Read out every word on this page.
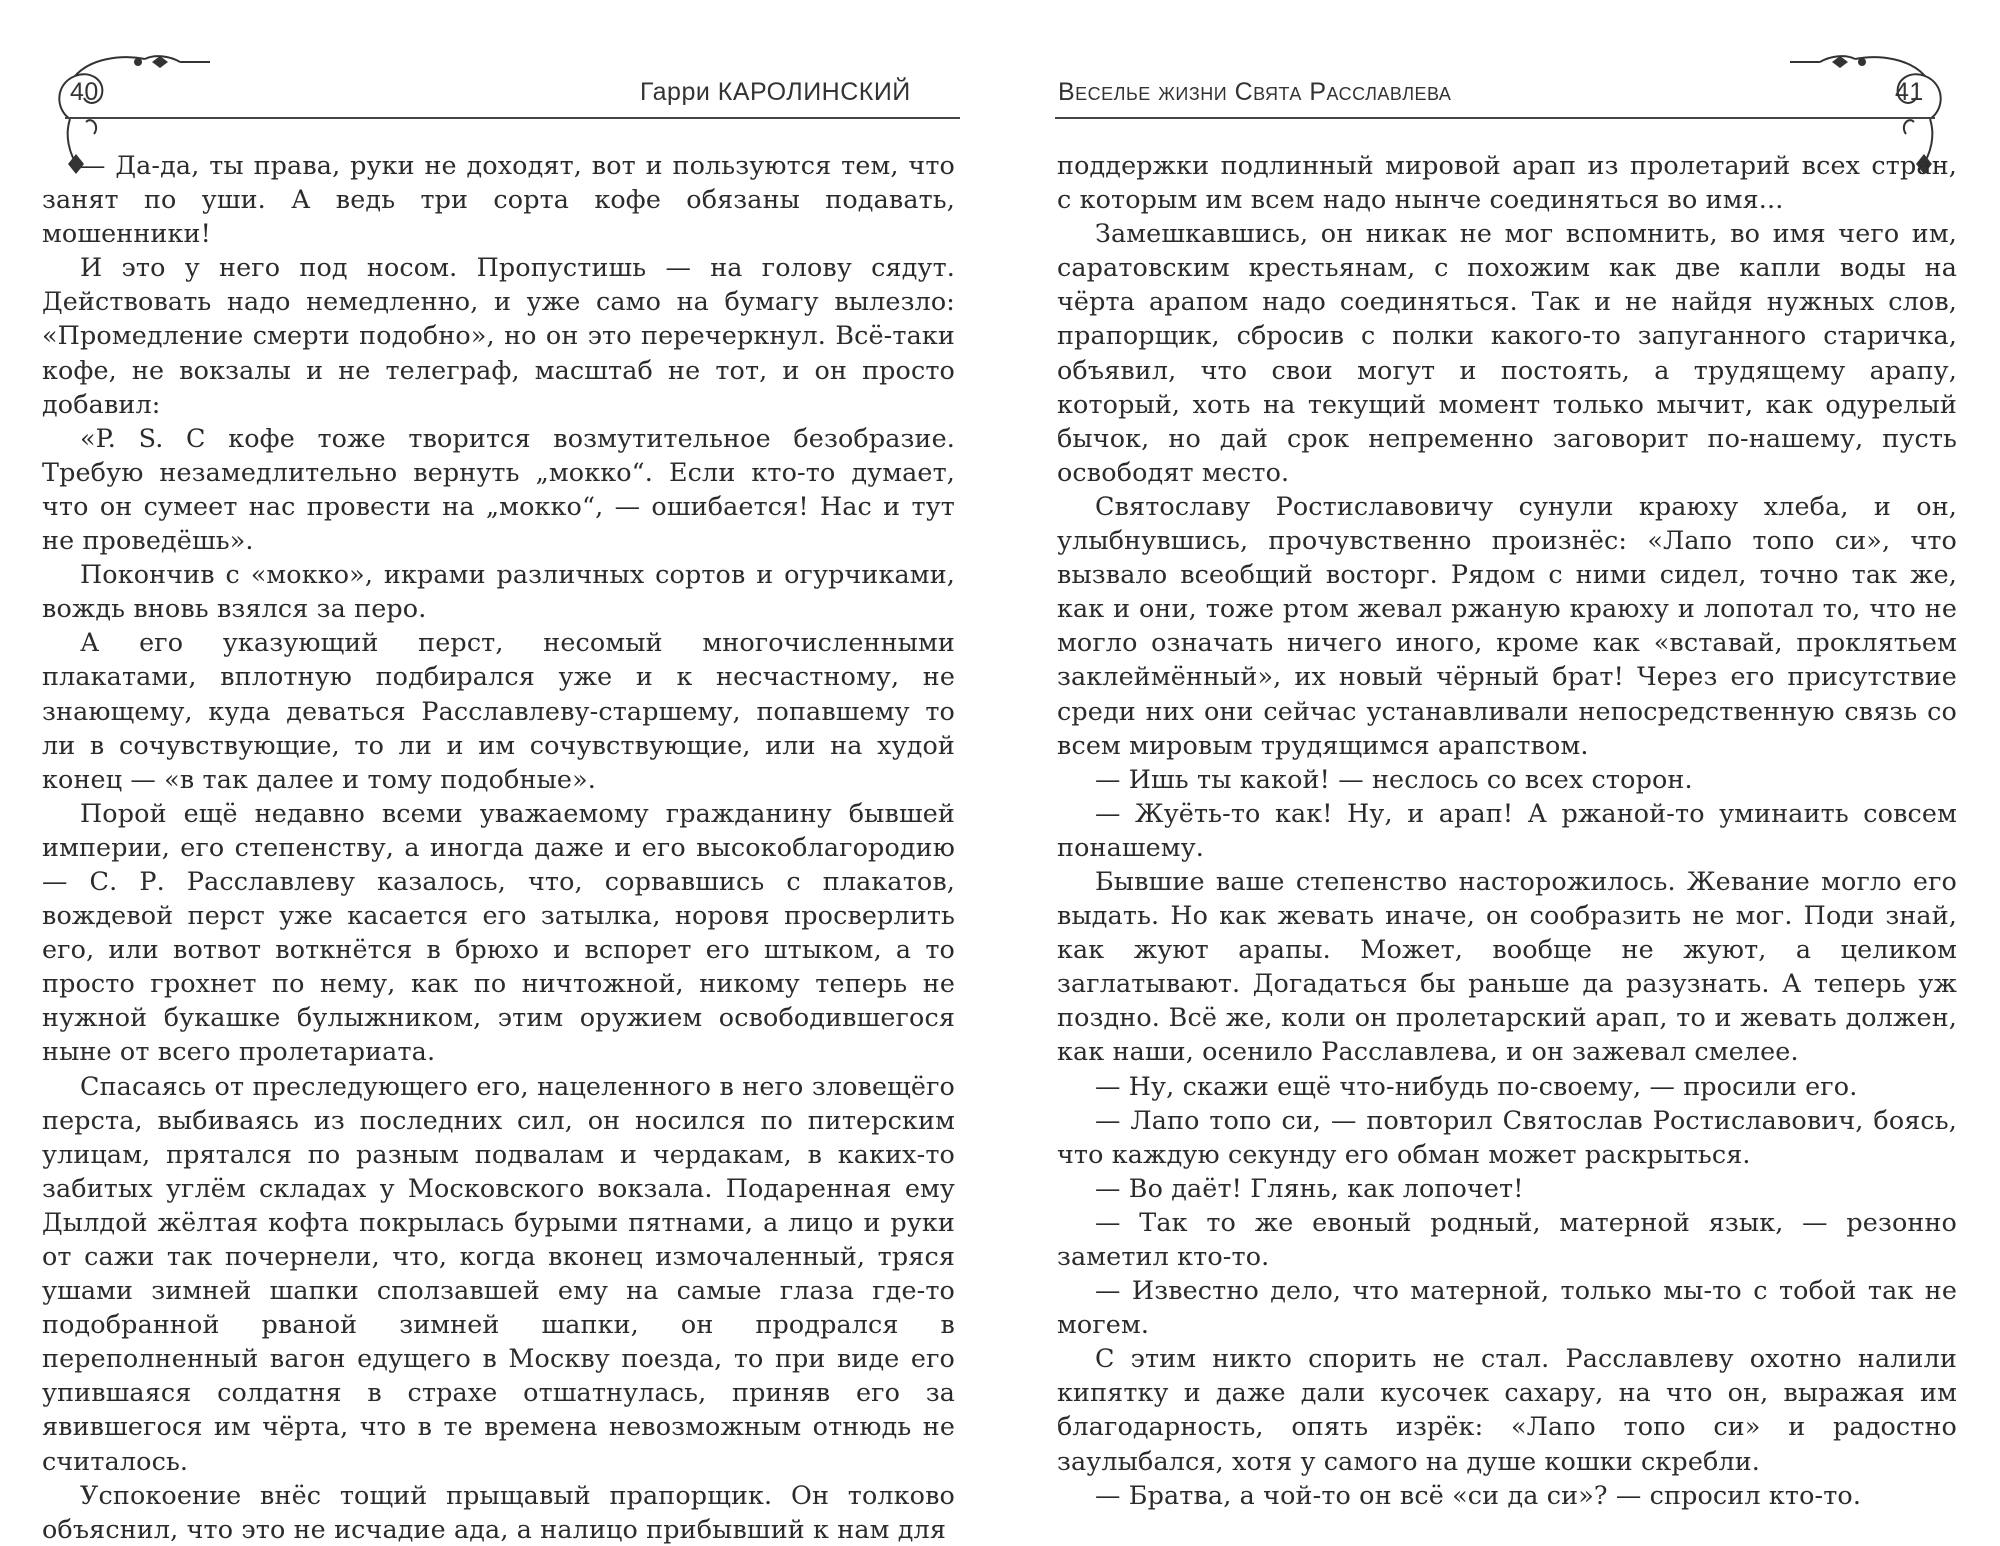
40	Гарри КАРОЛИНСКИЙ

— Да-да, ты права, руки не доходят, вот и пользуются тем, что занят по уши. А ведь три сорта кофе обязаны подавать, мошенники!

И это у него под носом. Пропустишь — на голову сядут. Действовать надо немедленно, и уже само на бумагу вылезло: «Промедление смерти подобно», но он это перечеркнул. Всё-таки кофе, не вокзалы и не телеграф, масштаб не тот, и он просто добавил:

«P. S. С кофе тоже творится возмутительное безобразие. Требую незамедлительно вернуть „мокко“. Если кто-то думает, что он сумеет нас провести на „мокко“, — ошибается! Нас и тут не проведёшь».

Покончив с «мокко», икрами различных сортов и огурчиками, вождь вновь взялся за перо.

А его указующий перст, несомый многочисленными плакатами, вплотную подбирался уже и к несчастному, не знающему, куда деваться Расславлеву-старшему, попавшему то ли в сочувствующие, то ли и им сочувствующие, или на худой конец — «в так далее и тому подобные».

Порой ещё недавно всеми уважаемому гражданину бывшей империи, его степенству, а иногда даже и его высокоблагородию — С. Р. Расславлеву казалось, что, сорвавшись с плакатов, вождевой перст уже касается его затылка, норовя просверлить его, или вотвот воткнётся в брюхо и вспорет его штыком, а то просто грохнет по нему, как по ничтожной, никому теперь не нужной букашке булыжником, этим оружием освободившегося ныне от всего пролетариата.

Спасаясь от преследующего его, нацеленного в него зловещёго перста, выбиваясь из последних сил, он носился по питерским улицам, прятался по разным подвалам и чердакам, в каких-то забитых углём складах у Московского вокзала. Подаренная ему Дылдой жёлтая кофта покрылась бурыми пятнами, а лицо и руки от сажи так почернели, что, когда вконец измочаленный, тряся ушами зимней шапки сползавшей ему на самые глаза где-то подобранной рваной зимней шапки, он продрался в переполненный вагон едущего в Москву поезда, то при виде его упившаяся солдатня в страхе отшатнулась, приняв его за явившегося им чёрта, что в те времена невозможным отнюдь не считалось.

Успокоение внёс тощий прыщавый прапорщик. Он толково объяснил, что это не исчадие ада, а налицо прибывший к нам для

Веселье жизни Свята Расславлева	41

поддержки подлинный мировой арап из пролетарий всех стран, с которым им всем надо нынче соединяться во имя...

Замешкавшись, он никак не мог вспомнить, во имя чего им, саратовским крестьянам, с похожим как две капли воды на чёрта арапом надо соединяться. Так и не найдя нужных слов, прапорщик, сбросив с полки какого-то запуганного старичка, объявил, что свои могут и постоять, а трудящему арапу, который, хоть на текущий момент только мычит, как одурелый бычок, но дай срок непременно заговорит по-нашему, пусть освободят место.

Святославу Ростиславовичу сунули краюху хлеба, и он, улыбнувшись, прочувственно произнёс: «Лапо топо си», что вызвало всеобщий восторг. Рядом с ними сидел, точно так же, как и они, тоже ртом жевал ржаную краюху и лопотал то, что не могло означать ничего иного, кроме как «вставай, проклятьем заклеймённый», их новый чёрный брат! Через его присутствие среди них они сейчас устанавливали непосредственную связь со всем мировым трудящимся арапством.

— Ишь ты какой! — неслось со всех сторон.

— Жуёть-то как! Ну, и арап! А ржаной-то уминаить совсем понашему.

Бывшие ваше степенство насторожилось. Жевание могло его выдать. Но как жевать иначе, он сообразить не мог. Поди знай, как жуют арапы. Может, вообще не жуют, а целиком заглатывают. Догадаться бы раньше да разузнать. А теперь уж поздно. Всё же, коли он пролетарский арап, то и жевать должен, как наши, осенило Расславлева, и он зажевал смелее.

— Ну, скажи ещё что-нибудь по-своему, — просили его.

— Лапо топо си, — повторил Святослав Ростиславович, боясь, что каждую секунду его обман может раскрыться.

— Во даёт! Глянь, как лопочет!

— Так то же евоный родный, матерной язык, — резонно заметил кто-то.

— Известно дело, что матерной, только мы-то с тобой так не могем.

С этим никто спорить не стал. Расславлеву охотно налили кипятку и даже дали кусочек сахару, на что он, выражая им благодарность, опять изрёк: «Лапо топо си» и радостно заулыбался, хотя у самого на душе кошки скребли.

— Братва, а чой-то он всё «си да си»? — спросил кто-то.
